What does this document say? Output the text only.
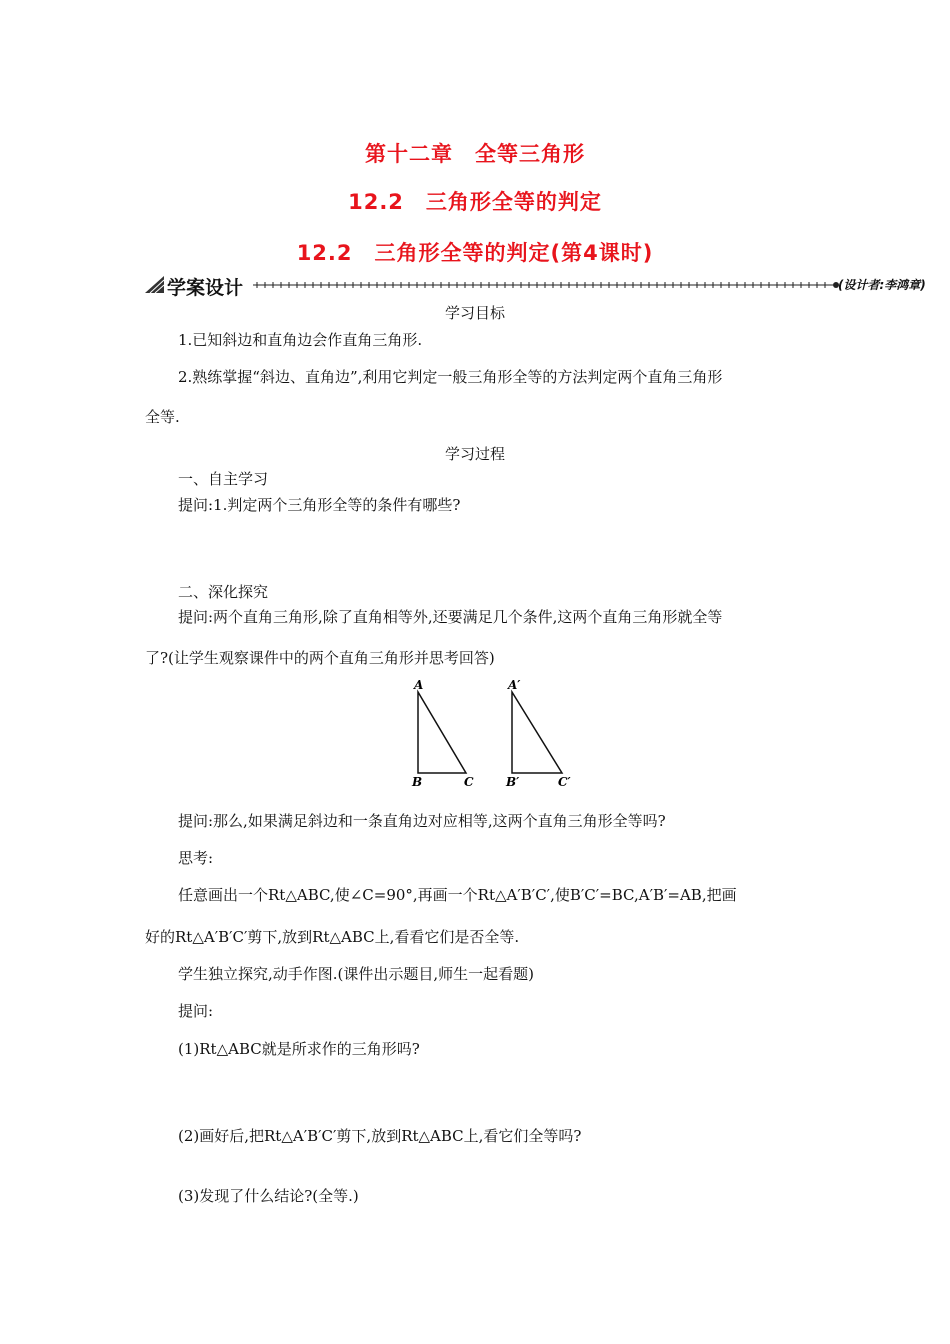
第十二章　全等三角形
12.2　三角形全等的判定
12.2　三角形全等的判定(第4课时)
学案设计	(设计者:李鸿章)
学习目标
1.已知斜边和直角边会作直角三角形.
2.熟练掌握“斜边、直角边”,利用它判定一般三角形全等的方法判定两个直角三角形
全等.
学习过程
一、自主学习
提问:1.判定两个三角形全等的条件有哪些?
二、深化探究
提问:两个直角三角形,除了直角相等外,还要满足几个条件,这两个直角三角形就全等
了?(让学生观察课件中的两个直角三角形并思考回答)
A
B	C
A′
B′	C′
提问:那么,如果满足斜边和一条直角边对应相等,这两个直角三角形全等吗?
思考:
任意画出一个Rt△ABC,使∠C=90°,再画一个Rt△A′B′C′,使B′C′=BC,A′B′=AB,把画
好的Rt△A′B′C′剪下,放到Rt△ABC上,看看它们是否全等.
学生独立探究,动手作图.(课件出示题目,师生一起看题)
提问:
(1)Rt△ABC就是所求作的三角形吗?
(2)画好后,把Rt△A′B′C′剪下,放到Rt△ABC上,看它们全等吗?
(3)发现了什么结论?(全等.)
